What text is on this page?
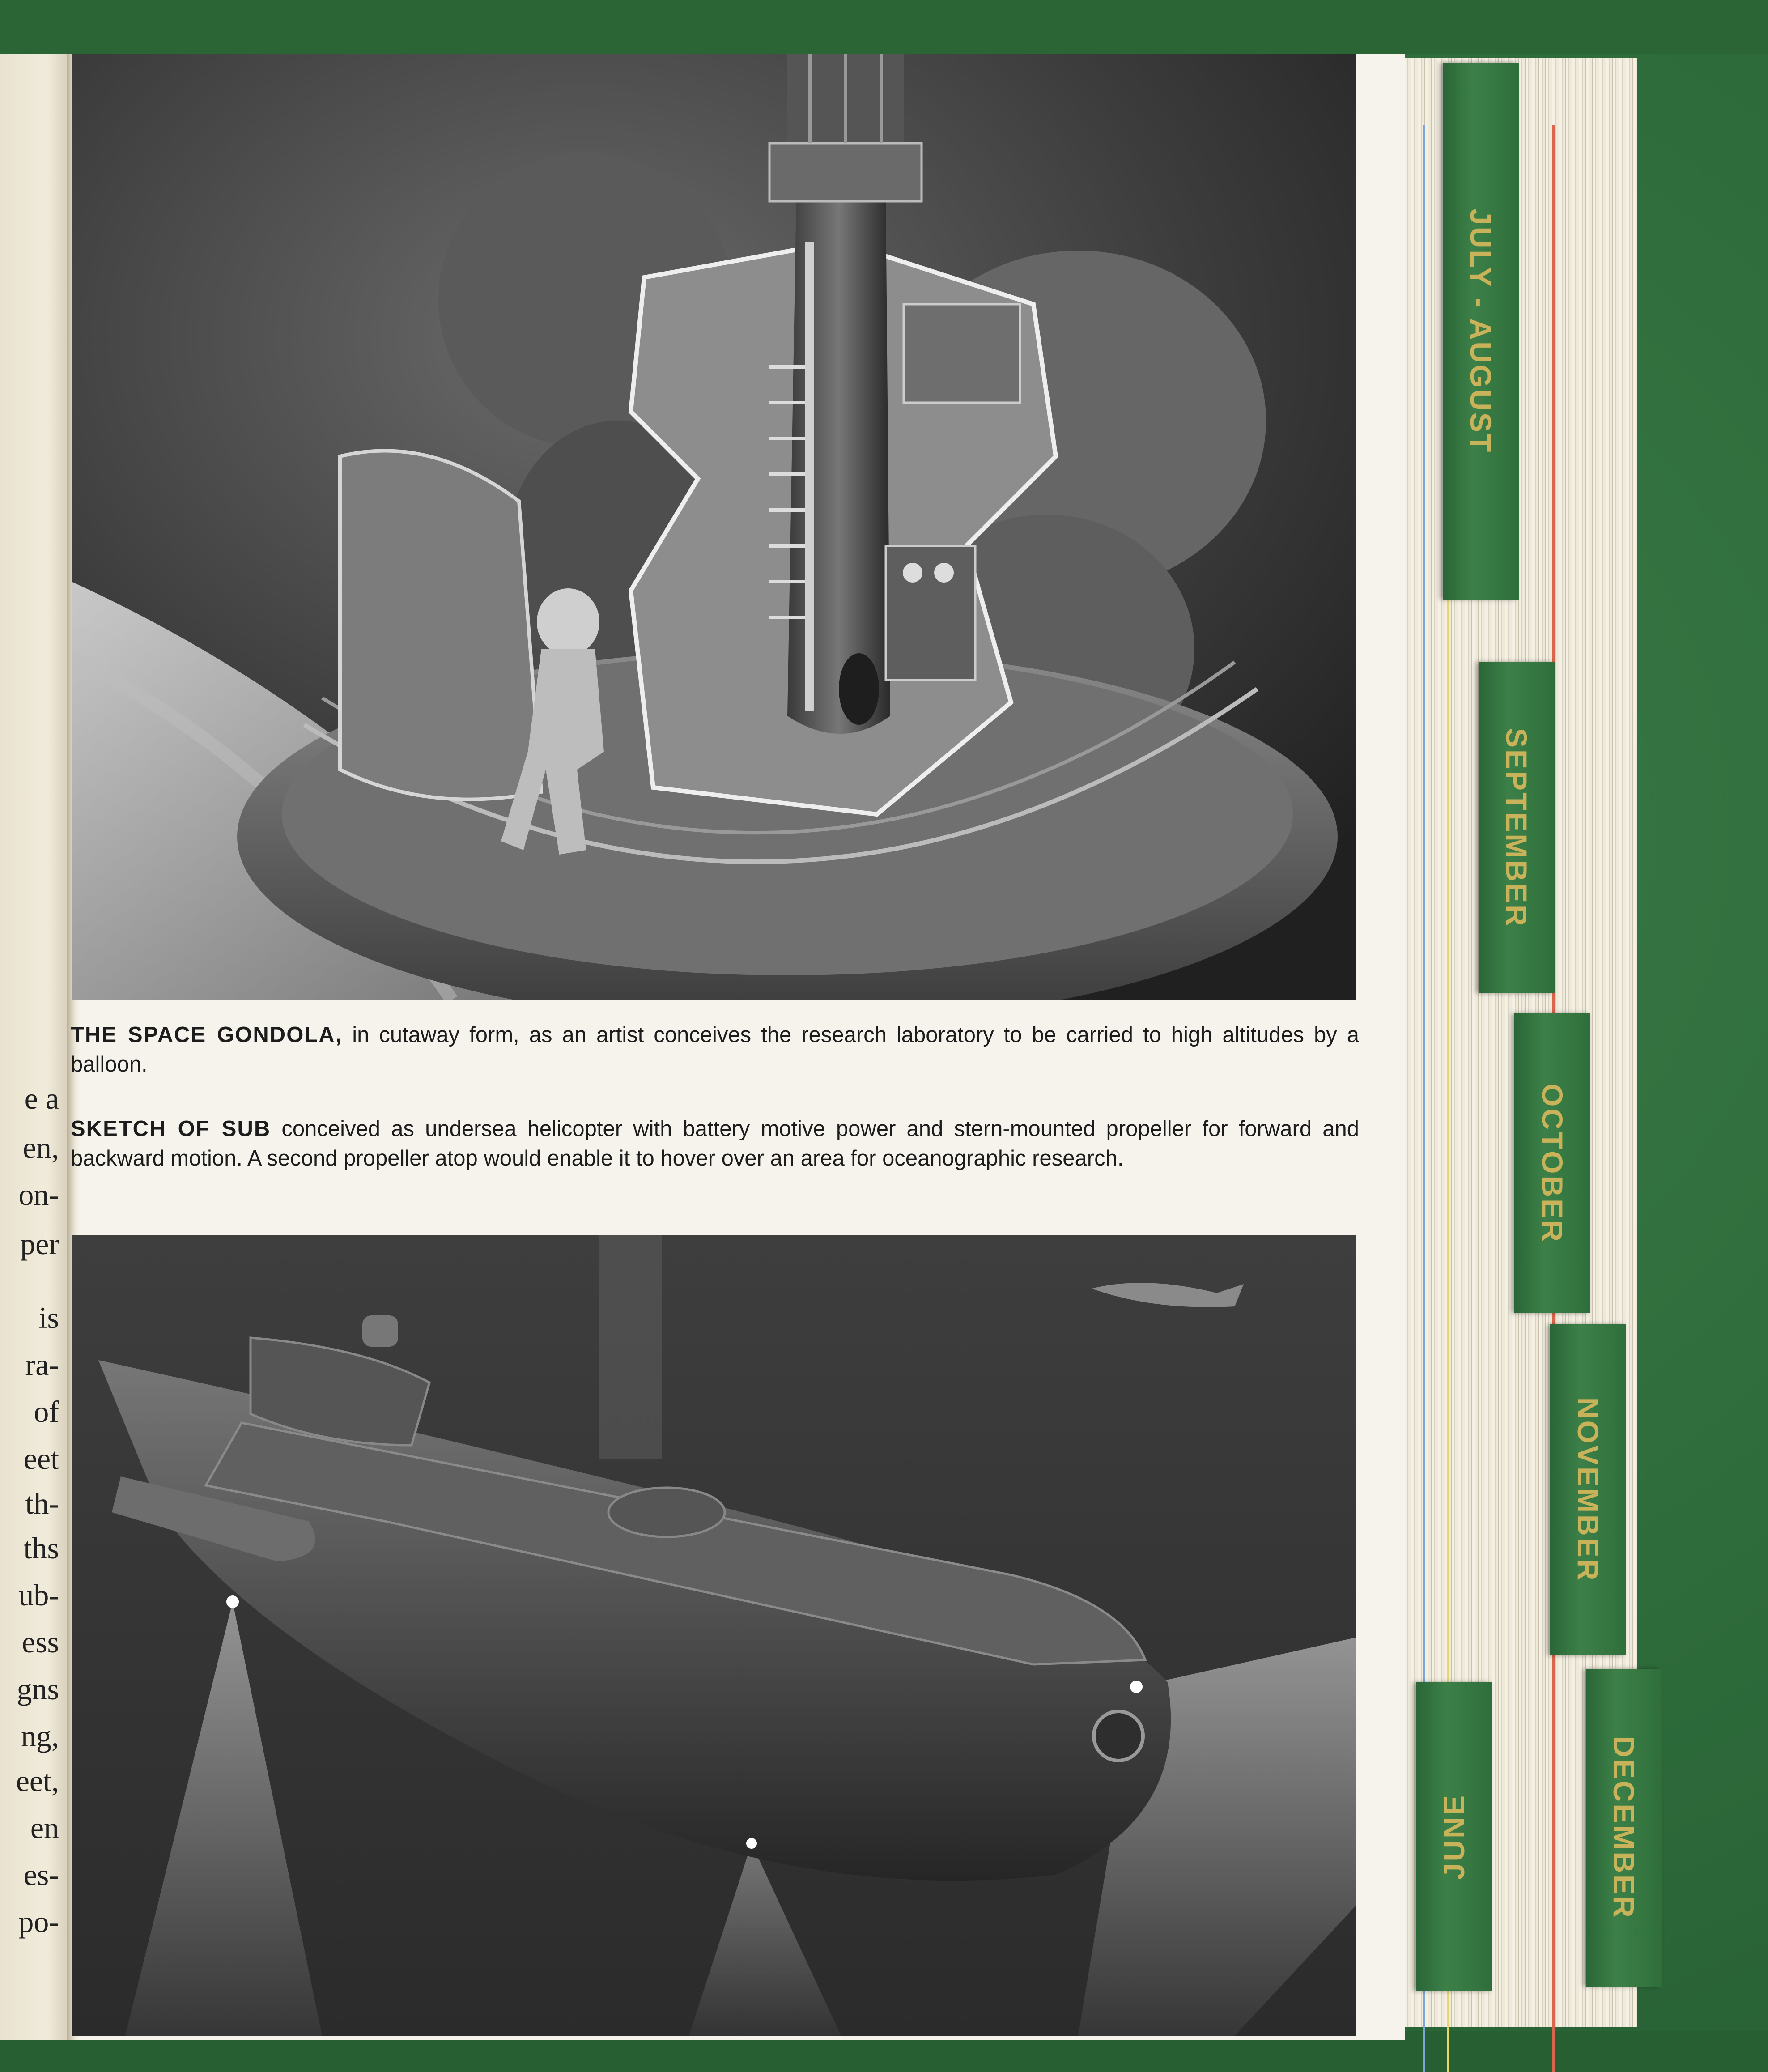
e a
en,
on-
per
is
ra-
of
eet
th-
ths
ub-
ess
gns
ng,
eet,
en
es-
po-
THE SPACE GONDOLA, in cutaway form, as an artist conceives the research laboratory to be carried to high altitudes by a balloon.
SKETCH OF SUB conceived as undersea helicopter with battery motive power and stern-mounted propeller for forward and backward motion. A second propeller atop would enable it to hover over an area for oceanographic research.
JULY - AUGUST
SEPTEMBER
OCTOBER
NOVEMBER
DECEMBER
JUNE
